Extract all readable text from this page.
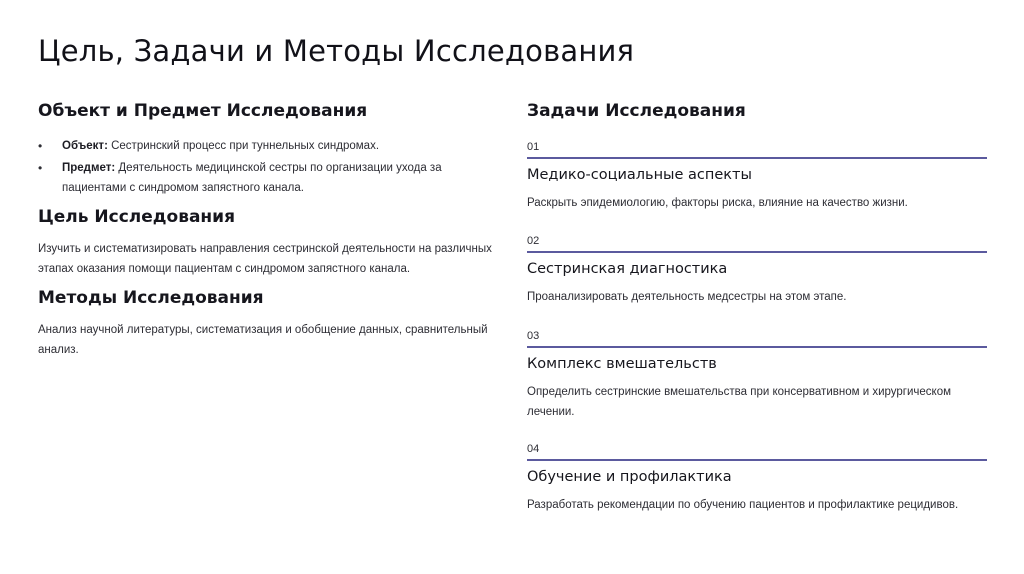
Цель, Задачи и Методы Исследования
Объект и Предмет Исследования
• Объект: Сестринский процесс при туннельных синдромах.
• Предмет: Деятельность медицинской сестры по организации ухода за пациентами с синдромом запястного канала.
Цель Исследования
Изучить и систематизировать направления сестринской деятельности на различных этапах оказания помощи пациентам с синдромом запястного канала.
Методы Исследования
Анализ научной литературы, систематизация и обобщение данных, сравнительный анализ.
Задачи Исследования
01
Медико-социальные аспекты
Раскрыть эпидемиологию, факторы риска, влияние на качество жизни.
02
Сестринская диагностика
Проанализировать деятельность медсестры на этом этапе.
03
Комплекс вмешательств
Определить сестринские вмешательства при консервативном и хирургическом лечении.
04
Обучение и профилактика
Разработать рекомендации по обучению пациентов и профилактике рецидивов.
